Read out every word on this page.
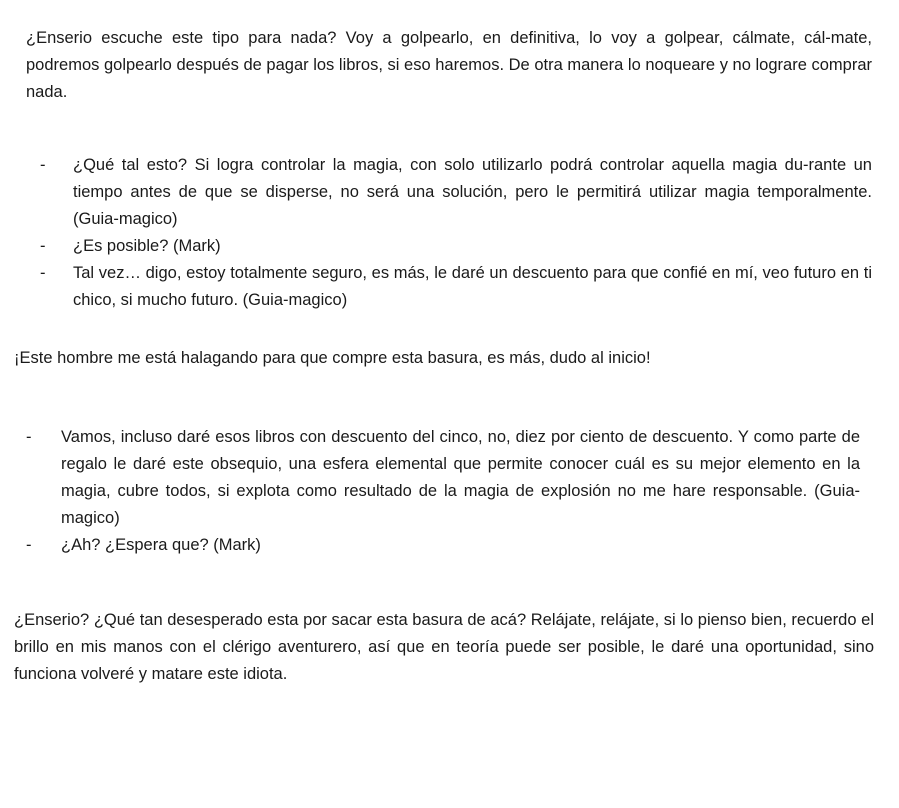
¿Enserio escuche este tipo para nada? Voy a golpearlo, en definitiva, lo voy a golpear, cálmate, cál-mate, podremos golpearlo después de pagar los libros, si eso haremos. De otra manera lo noqueare y no lograre comprar nada.

-	¿Qué tal esto? Si logra controlar la magia, con solo utilizarlo podrá controlar aquella magia du-rante un tiempo antes de que se disperse, no será una solución, pero le permitirá utilizar magia temporalmente. (Guia-magico)
-	¿Es posible? (Mark)
-	Tal vez… digo, estoy totalmente seguro, es más, le daré un descuento para que confié en mí, veo futuro en ti chico, si mucho futuro. (Guia-magico)

¡Este hombre me está halagando para que compre esta basura, es más, dudo al inicio!

-	Vamos, incluso daré esos libros con descuento del cinco, no, diez por ciento de descuento. Y como parte de regalo le daré este obsequio, una esfera elemental que permite conocer cuál es su mejor elemento en la magia, cubre todos, si explota como resultado de la magia de explosión no me hare responsable. (Guia-magico)
-	¿Ah? ¿Espera que? (Mark)

¿Enserio? ¿Qué tan desesperado esta por sacar esta basura de acá? Relájate, relájate, si lo pienso bien, recuerdo el brillo en mis manos con el clérigo aventurero, así que en teoría puede ser posible, le daré una oportunidad, sino funciona volveré y matare este idiota.
